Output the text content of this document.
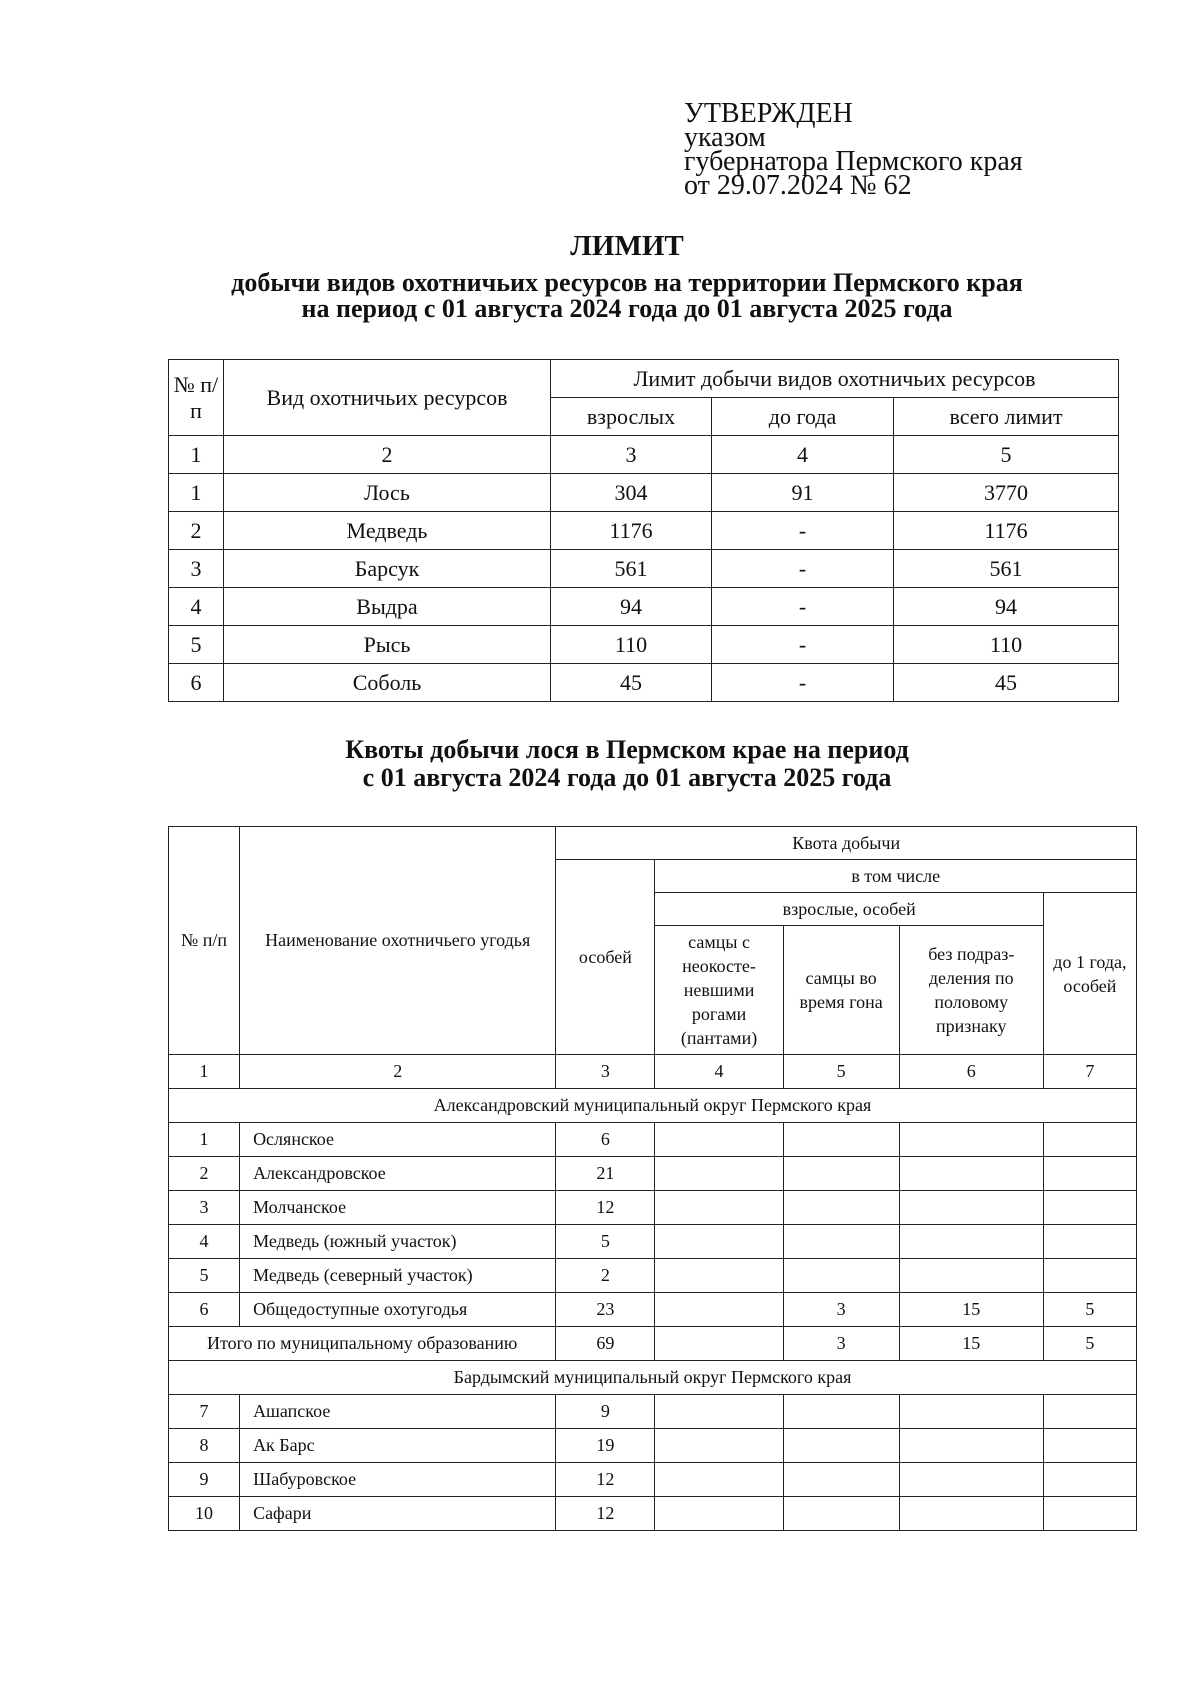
УТВЕРЖДЕН
указом
губернатора Пермского края
от 29.07.2024 № 62
ЛИМИТ
добычи видов охотничьих ресурсов на территории Пермского края
на период с 01 августа 2024 года до 01 августа 2025 года
№ п/п	Вид охотничьих ресурсов	Лимит добычи видов охотничьих ресурсов		
		взрослых	до года	всего лимит
1	2	3	4	5
1	Лось	304	91	3770
2	Медведь	1176	-	1176
3	Барсук	561	-	561
4	Выдра	94	-	94
5	Рысь	110	-	110
6	Соболь	45	-	45
Квоты добычи лося в Пермском крае на период
с 01 августа 2024 года до 01 августа 2025 года
№ п/п	Наименование охотничьего угодья	Квота добычи				
		особей	в том числе			
			взрослые, особей			до 1 года, особей
			самцы с неокосте- невшими рогами (пантами)	самцы во время гона	без подраз- деления по половому признаку	
1	2	3	4	5	6	7
Александровский муниципальный округ Пермского края						
1	Ослянское	6				
2	Александровское	21				
3	Молчанское	12				
4	Медведь (южный участок)	5				
5	Медведь (северный участок)	2				
6	Общедоступные охотугодья	23		3	15	5
Итого по муниципальному образованию		69		3	15	5
Бардымский муниципальный округ Пермского края						
7	Ашапское	9				
8	Ак Барс	19				
9	Шабуровское	12				
10	Сафари	12				
